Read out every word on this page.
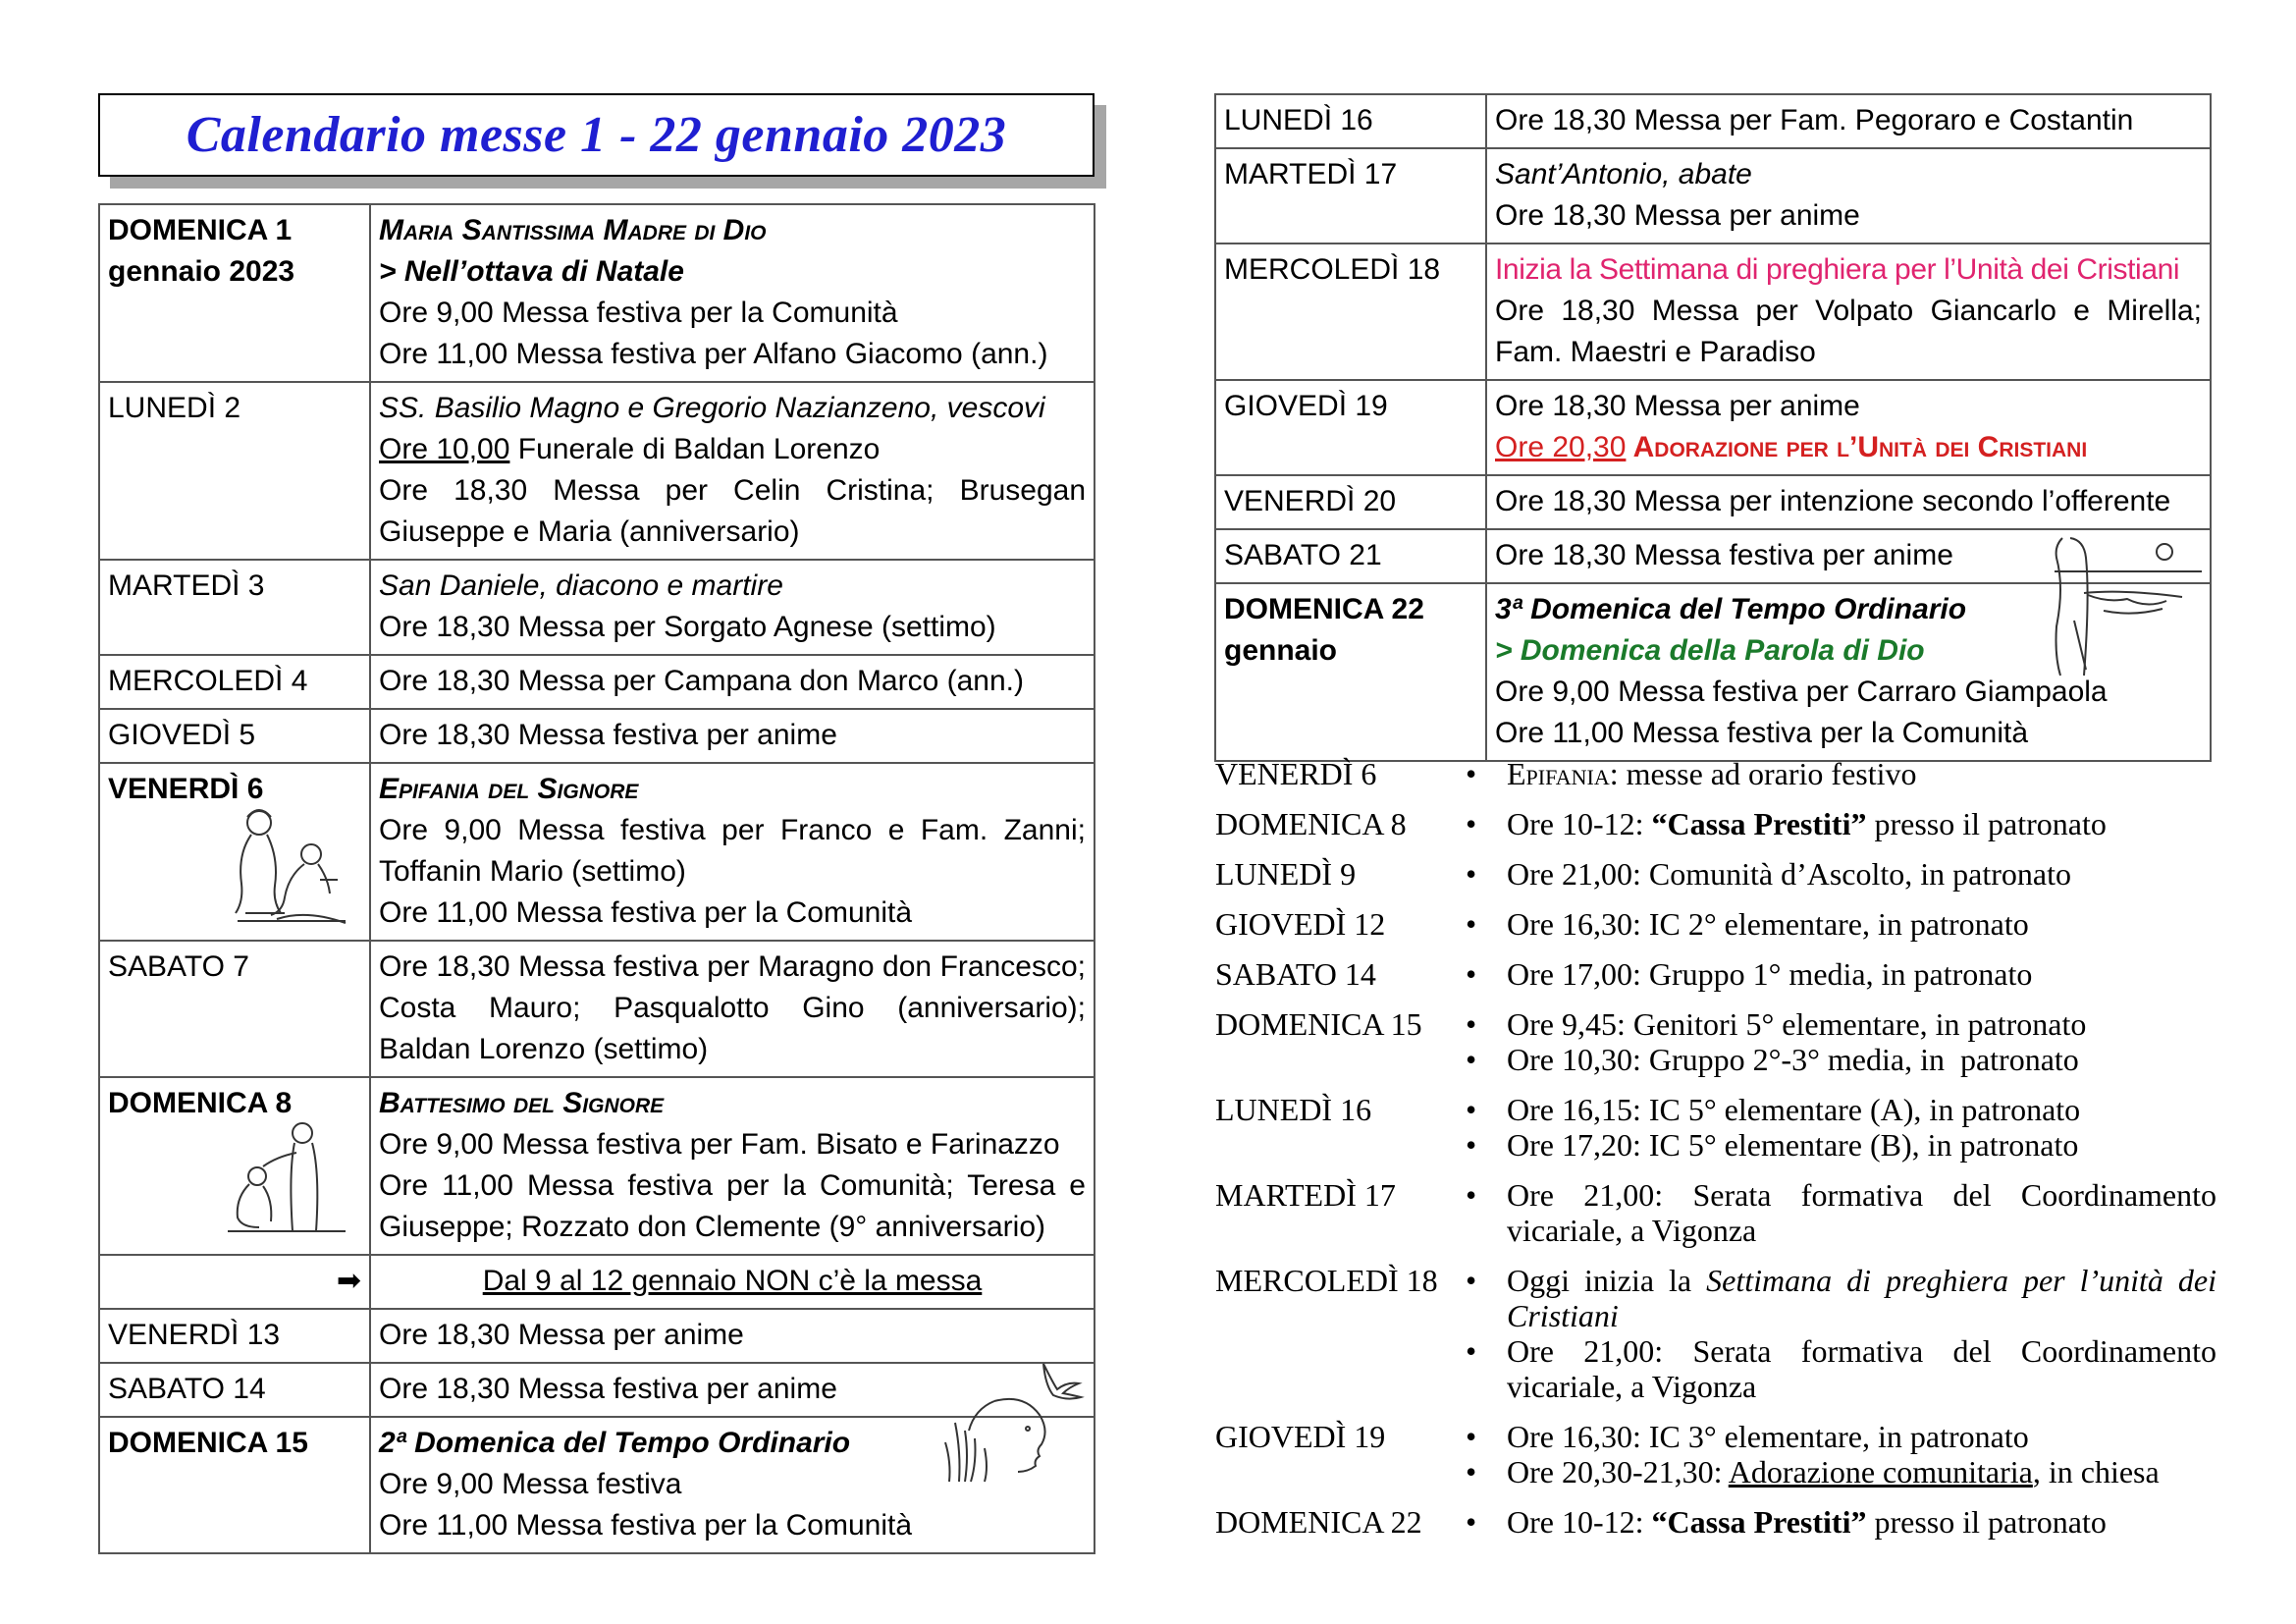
Calendario messe 1 - 22 gennaio 2023
DOMENICA 1
gennaio 2023	Maria Santissima Madre di Dio
> Nell’ottava di Natale
Ore 9,00 Messa festiva per la Comunità
Ore 11,00 Messa festiva per Alfano Giacomo (ann.)

LUNEDÌ 2	SS. Basilio Magno e Gregorio Nazianzeno, vescovi
Ore 10,00 Funerale di Baldan Lorenzo
Ore 18,30 Messa per Celin Cristina; Brusegan Giuseppe e Maria (anniversario)

MARTEDÌ 3	San Daniele, diacono e martire
Ore 18,30 Messa per Sorgato Agnese (settimo)

MERCOLEDÌ 4	Ore 18,30 Messa per Campana don Marco (ann.)

GIOVEDÌ 5	Ore 18,30 Messa festiva per anime

VENERDÌ 6	Epifania del Signore
Ore 9,00 Messa festiva per Franco e Fam. Zanni; Toffanin Mario (settimo)
Ore 11,00 Messa festiva per la Comunità

SABATO 7	Ore 18,30 Messa festiva per Maragno don Francesco; Costa Mauro; Pasqualotto Gino (anniversario); Baldan Lorenzo (settimo)

DOMENICA 8	Battesimo del Signore
Ore 9,00 Messa festiva per Fam. Bisato e Farinazzo
Ore 11,00 Messa festiva per la Comunità; Teresa e Giuseppe; Rozzato don Clemente (9° anniversario)

➡	Dal 9 al 12 gennaio NON c’è la messa

VENERDÌ 13	Ore 18,30 Messa per anime

SABATO 14	Ore 18,30 Messa festiva per anime

DOMENICA 15	2ª Domenica del Tempo Ordinario
Ore 9,00 Messa festiva
Ore 11,00 Messa festiva per la Comunità
LUNEDÌ 16	Ore 18,30 Messa per Fam. Pegoraro e Costantin

MARTEDÌ 17	Sant’Antonio, abate
Ore 18,30 Messa per anime

MERCOLEDÌ 18	Inizia la Settimana di preghiera per l’Unità dei Cristiani
Ore 18,30 Messa per Volpato Giancarlo e Mirella; Fam. Maestri e Paradiso

GIOVEDÌ 19	Ore 18,30 Messa per anime
Ore 20,30 Adorazione per l’Unità dei Cristiani

VENERDÌ 20	Ore 18,30 Messa per intenzione secondo l’offerente

SABATO 21	Ore 18,30 Messa festiva per anime

DOMENICA 22
gennaio	3ª Domenica del Tempo Ordinario
> Domenica della Parola di Dio
Ore 9,00 Messa festiva per Carraro Giampaola
Ore 11,00 Messa festiva per la Comunità
VENERDÌ 6	• Epifania: messe ad orario festivo
DOMENICA 8	• Ore 10-12: “Cassa Prestiti” presso il patronato
LUNEDÌ 9	• Ore 21,00: Comunità d’Ascolto, in patronato
GIOVEDÌ 12	• Ore 16,30: IC 2° elementare, in patronato
SABATO 14	• Ore 17,00: Gruppo 1° media, in patronato
DOMENICA 15	• Ore 9,45: Genitori 5° elementare, in patronato
• Ore 10,30: Gruppo 2°-3° media, in  patronato
LUNEDÌ 16	• Ore 16,15: IC 5° elementare (A), in patronato
• Ore 17,20: IC 5° elementare (B), in patronato
MARTEDÌ 17	• Ore 21,00: Serata formativa del Coordinamento vicariale, a Vigonza
MERCOLEDÌ 18 • Oggi inizia la Settimana di preghiera per l’unità dei Cristiani
• Ore 21,00: Serata formativa del Coordinamento vicariale, a Vigonza
GIOVEDÌ 19	• Ore 16,30: IC 3° elementare, in patronato
• Ore 20,30-21,30: Adorazione comunitaria, in chiesa
DOMENICA 22	• Ore 10-12: “Cassa Prestiti” presso il patronato
